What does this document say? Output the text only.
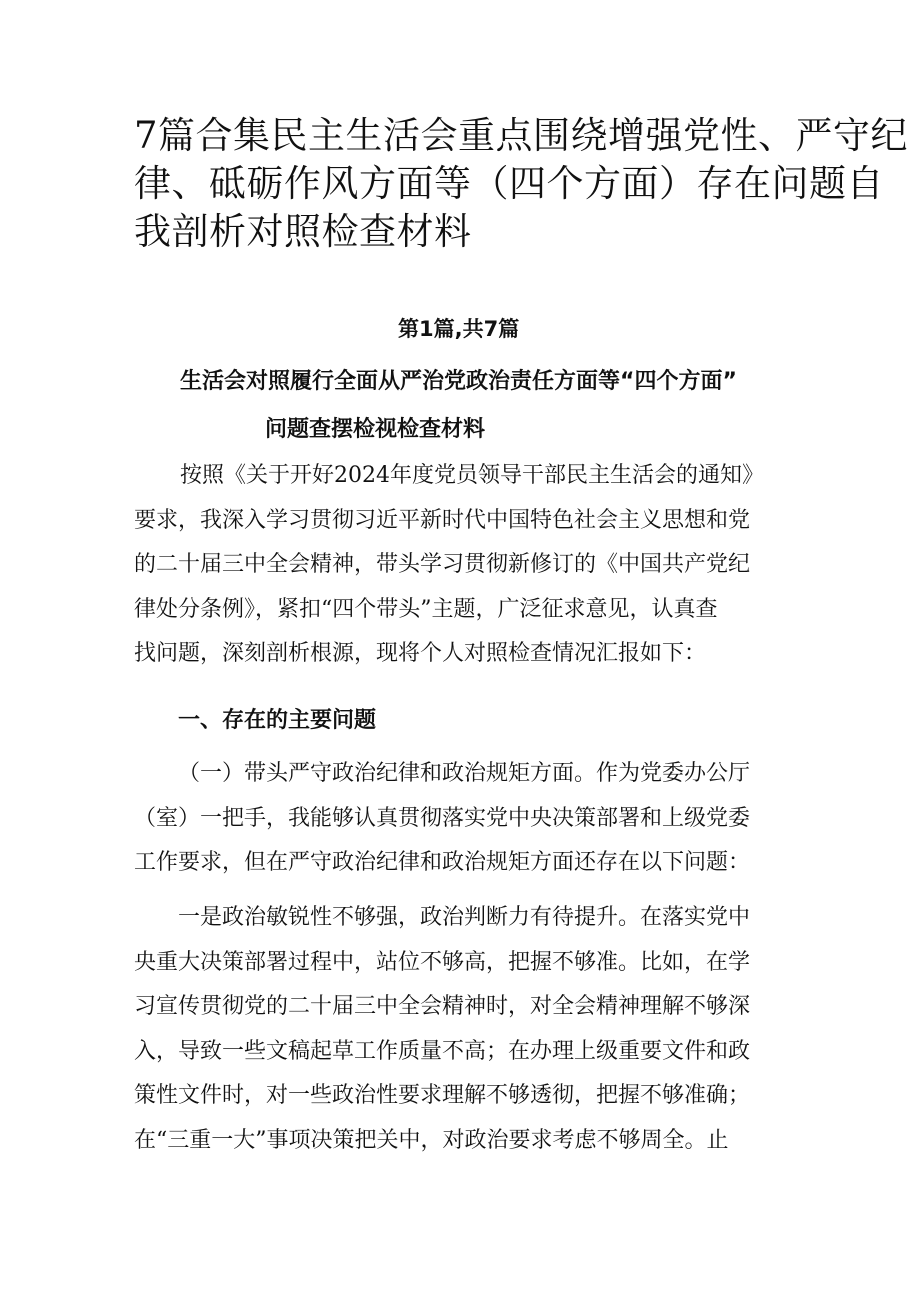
7篇合集民主生活会重点围绕增强党性、严守纪
律、砥砺作风方面等（四个方面）存在问题自
我剖析对照检查材料
第1篇,共7篇
生活会对照履行全面从严治党政治责任方面等“四个方面”
问题查摆检视检查材料
按照《关于开好2024年度党员领导干部民主生活会的通知》
要求，我深入学习贯彻习近平新时代中国特色社会主义思想和党
的二十届三中全会精神，带头学习贯彻新修订的《中国共产党纪
律处分条例》，紧扣“四个带头”主题，广泛征求意见，认真查
找问题，深刻剖析根源，现将个人对照检查情况汇报如下：
一、存在的主要问题
（一）带头严守政治纪律和政治规矩方面。作为党委办公厅
（室）一把手，我能够认真贯彻落实党中央决策部署和上级党委
工作要求，但在严守政治纪律和政治规矩方面还存在以下问题：
一是政治敏锐性不够强，政治判断力有待提升。在落实党中
央重大决策部署过程中，站位不够高，把握不够准。比如，在学
习宣传贯彻党的二十届三中全会精神时，对全会精神理解不够深
入，导致一些文稿起草工作质量不高；在办理上级重要文件和政
策性文件时，对一些政治性要求理解不够透彻，把握不够准确；
在“三重一大”事项决策把关中，对政治要求考虑不够周全。止
